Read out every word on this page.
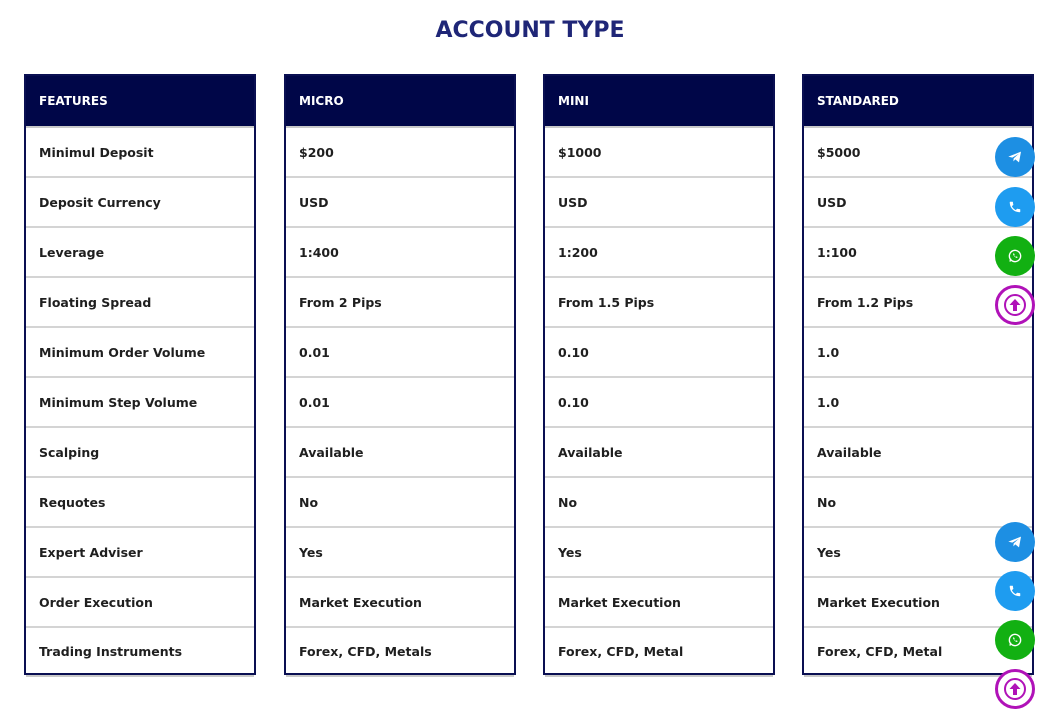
ACCOUNT TYPE
FEATURES
Minimul Deposit
Deposit Currency
Leverage
Floating Spread
Minimum Order Volume
Minimum Step Volume
Scalping
Requotes
Expert Adviser
Order Execution
Trading Instruments
MICRO
$200
USD
1:400
From 2 Pips
0.01
0.01
Available
No
Yes
Market Execution
Forex, CFD, Metals
MINI
$1000
USD
1:200
From 1.5 Pips
0.10
0.10
Available
No
Yes
Market Execution
Forex, CFD, Metal
STANDARED
$5000
USD
1:100
From 1.2 Pips
1.0
1.0
Available
No
Yes
Market Execution
Forex, CFD, Metal
